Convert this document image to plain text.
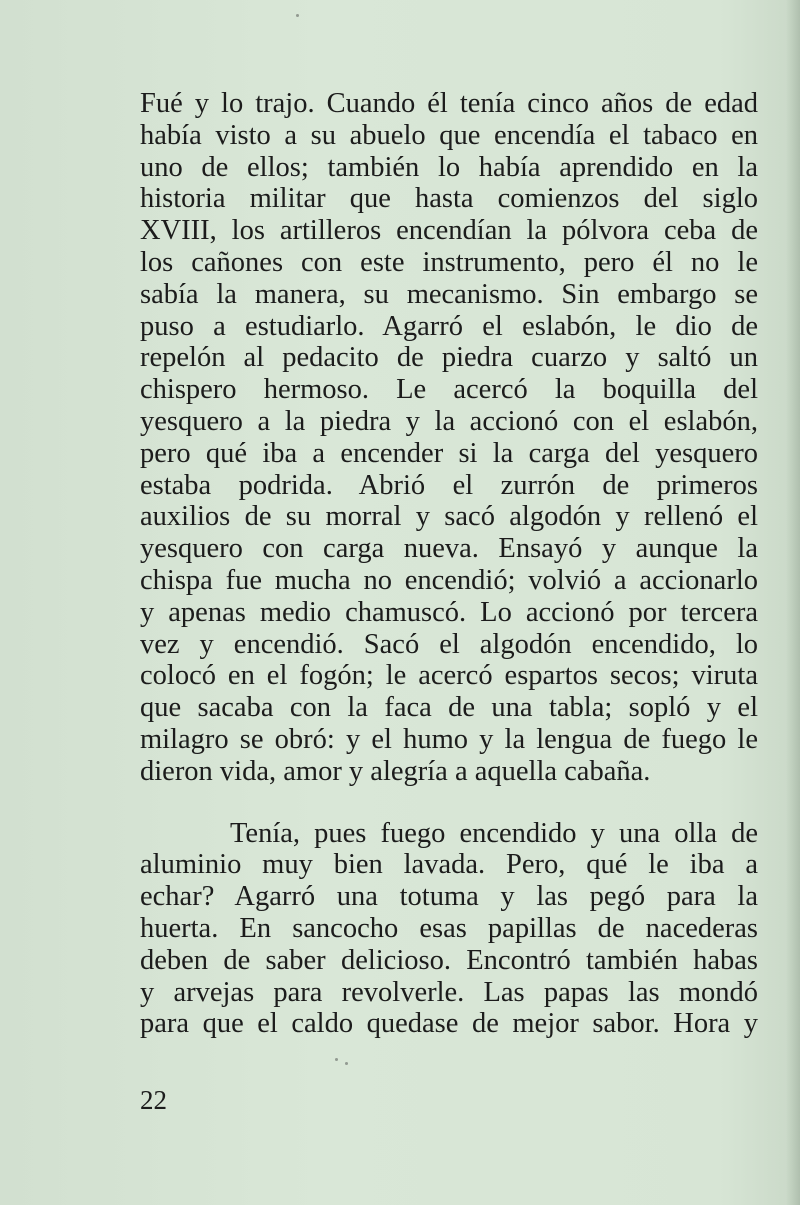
Fué y lo trajo. Cuando él tenía cinco años de edad
había visto a su abuelo que encendía el tabaco en
uno de ellos; también lo había aprendido en la
historia militar que hasta comienzos del siglo
XVIII, los artilleros encendían la pólvora ceba de
los cañones con este instrumento, pero él no le
sabía la manera, su mecanismo. Sin embargo se
puso a estudiarlo. Agarró el eslabón, le dio de
repelón al pedacito de piedra cuarzo y saltó un
chispero hermoso. Le acercó la boquilla del
yesquero a la piedra y la accionó con el eslabón,
pero qué iba a encender si la carga del yesquero
estaba podrida. Abrió el zurrón de primeros
auxilios de su morral y sacó algodón y rellenó el
yesquero con carga nueva. Ensayó y aunque la
chispa fue mucha no encendió; volvió a accionarlo
y apenas medio chamuscó. Lo accionó por tercera
vez y encendió. Sacó el algodón encendido, lo
colocó en el fogón; le acercó espartos secos; viruta
que sacaba con la faca de una tabla; sopló y el
milagro se obró: y el humo y la lengua de fuego le
dieron vida, amor y alegría a aquella cabaña.
Tenía, pues fuego encendido y una olla de
aluminio muy bien lavada. Pero, qué le iba a
echar? Agarró una totuma y las pegó para la
huerta. En sancocho esas papillas de nacederas
deben de saber delicioso. Encontró también habas
y arvejas para revolverle. Las papas las mondó
para que el caldo quedase de mejor sabor. Hora y
22
